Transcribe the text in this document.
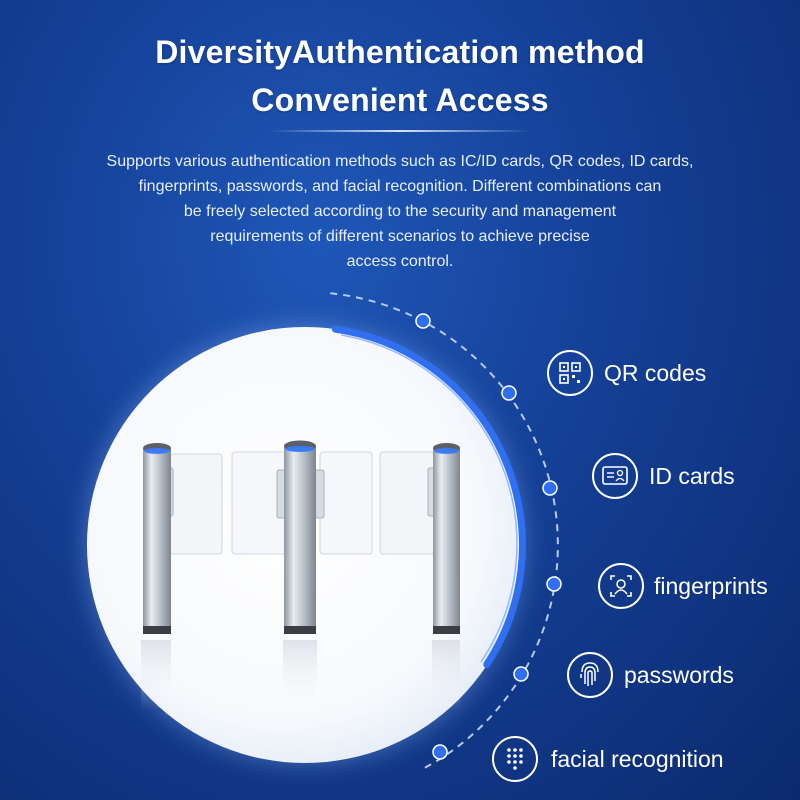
DiversityAuthentication method
Convenient Access
Supports various authentication methods such as IC/ID cards, QR codes, ID cards,
fingerprints, passwords, and facial recognition. Different combinations can
be freely selected according to the security and management
requirements of different scenarios to achieve precise
access control.
QR codes
ID cards
fingerprints
passwords
facial recognition
